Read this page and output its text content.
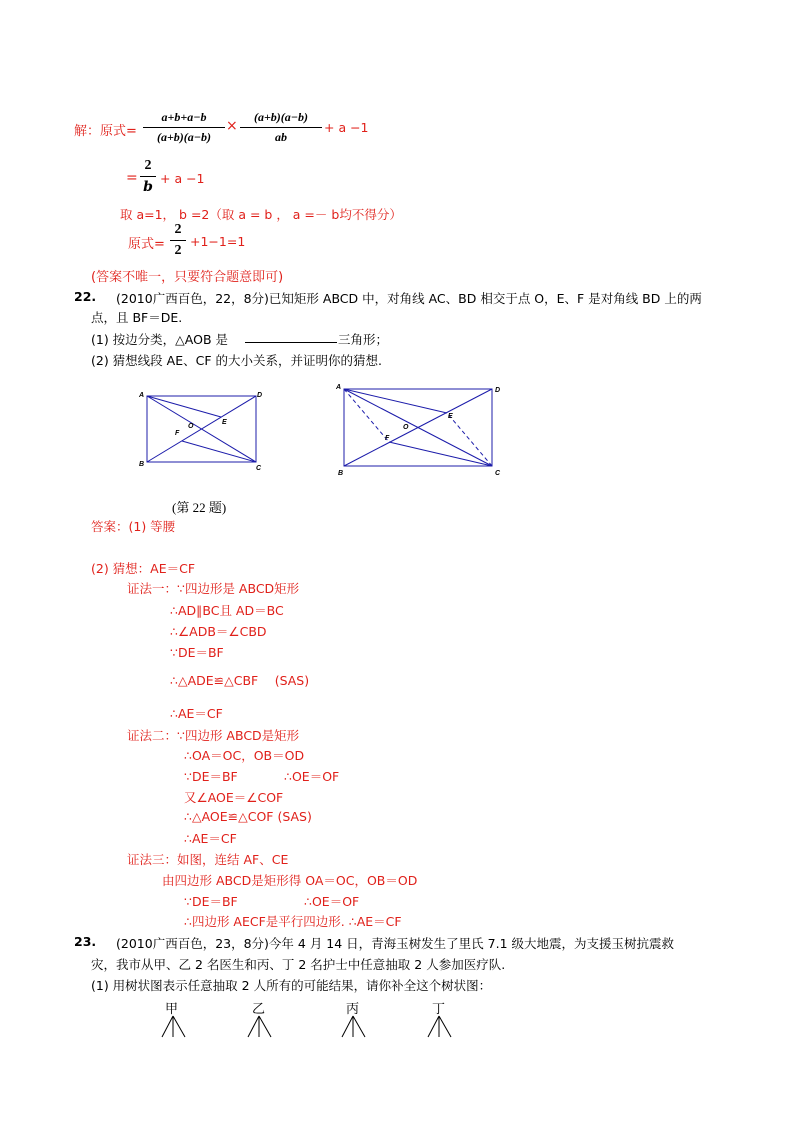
解：原式=
a+b+a−b
(a+b)(a−b)
×
(a+b)(a−b)
ab
+ a −1
=
2
b
+ a −1
取 a=1， b =2（取 a = b ， a =－ b均不得分）
原式=
2
2
+1−1=1
(答案不唯一，只要符合题意即可)
22. (2010广西百色，22，8分)已知矩形 ABCD 中，对角线 AC、BD 相交于点 O，E、F 是对角线 BD 上的两
点，且 BF＝DE.
(1) 按边分类，△AOB 是	三角形；
(2) 猜想线段 AE、CF 的大小关系，并证明你的猜想.
A
B
C
D
O
E
F
A
B	C
D
O
E
F
(第 22 题)
答案：(1) 等腰
(2) 猜想：AE＝CF
证法一：∵四边形是 ABCD矩形
∴AD∥BC且 AD＝BC
∴∠ADB＝∠CBD
∵DE＝BF
∴△ADE≌△CBF　 (SAS)
∴AE＝CF
证法二：∵四边形 ABCD是矩形
∴OA＝OC，OB＝OD
∵DE＝BF	∴OE＝OF
又∠AOE＝∠COF
∴△AOE≌△COF (SAS)
∴AE＝CF
证法三：如图，连结 AF、CE
由四边形 ABCD是矩形得 OA＝OC，OB＝OD
∵DE＝BF	∴OE＝OF
∴四边形 AECF是平行四边形. ∴AE＝CF
23. (2010广西百色，23，8分)今年 4 月 14 日，青海玉树发生了里氏 7.1 级大地震，为支援玉树抗震救
灾，我市从甲、乙 2 名医生和丙、丁 2 名护士中任意抽取 2 人参加医疗队.
(1) 用树状图表示任意抽取 2 人所有的可能结果，请你补全这个树状图：
甲	乙	丙	丁
